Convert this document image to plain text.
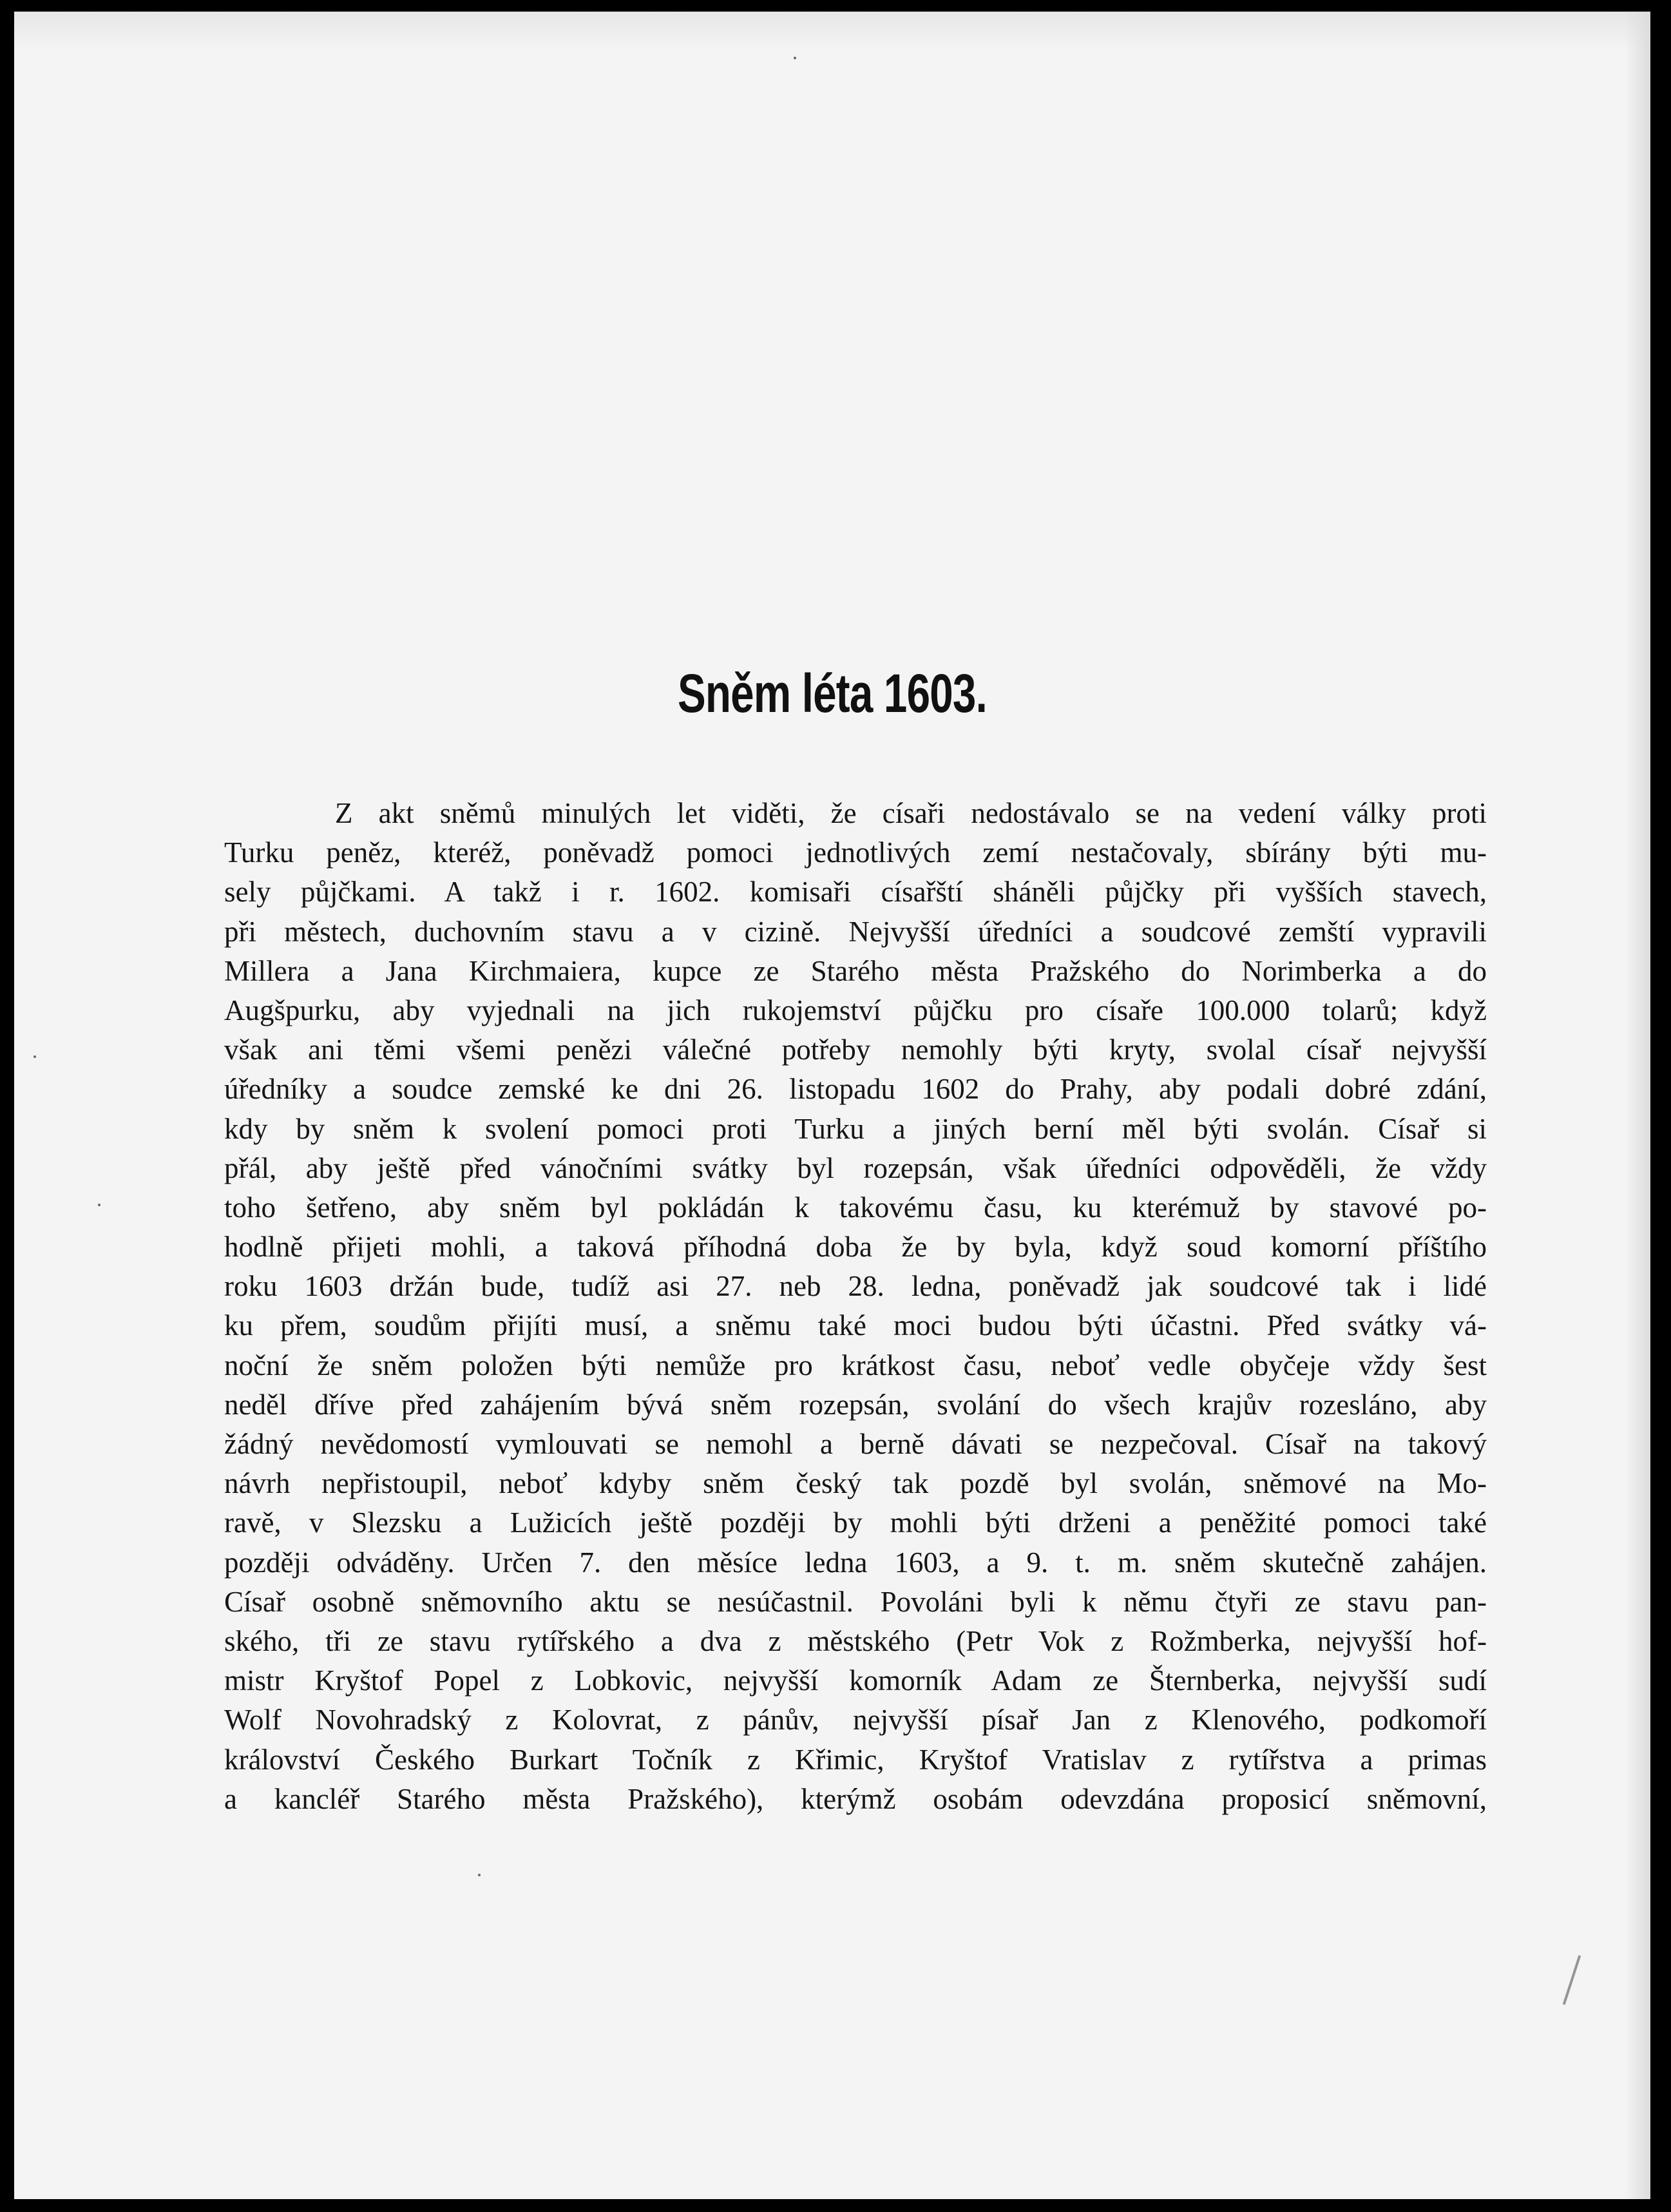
Sněm léta 1603.
Z akt sněmů minulých let viděti, že císaři nedostávalo se na vedení války proti
Turku peněz, kteréž, poněvadž pomoci jednotlivých zemí nestačovaly, sbírány býti mu-
sely půjčkami. A takž i r. 1602. komisaři císařští sháněli půjčky při vyšších stavech,
při městech, duchovním stavu a v cizině. Nejvyšší úředníci a soudcové zemští vypravili
Millera a Jana Kirchmaiera, kupce ze Starého města Pražského do Norimberka a do
Augšpurku, aby vyjednali na jich rukojemství půjčku pro císaře 100.000 tolarů; když
však ani těmi všemi penězi válečné potřeby nemohly býti kryty, svolal císař nejvyšší
úředníky a soudce zemské ke dni 26. listopadu 1602 do Prahy, aby podali dobré zdání,
kdy by sněm k svolení pomoci proti Turku a jiných berní měl býti svolán. Císař si
přál, aby ještě před vánočními svátky byl rozepsán, však úředníci odpověděli, že vždy
toho šetřeno, aby sněm byl pokládán k takovému času, ku kterémuž by stavové po-
hodlně přijeti mohli, a taková příhodná doba že by byla, když soud komorní příštího
roku 1603 držán bude, tudíž asi 27. neb 28. ledna, poněvadž jak soudcové tak i lidé
ku přem, soudům přijíti musí, a sněmu také moci budou býti účastni. Před svátky vá-
noční že sněm položen býti nemůže pro krátkost času, neboť vedle obyčeje vždy šest
neděl dříve před zahájením bývá sněm rozepsán, svolání do všech krajův rozesláno, aby
žádný nevědomostí vymlouvati se nemohl a berně dávati se nezpečoval. Císař na takový
návrh nepřistoupil, neboť kdyby sněm český tak pozdě byl svolán, sněmové na Mo-
ravě, v Slezsku a Lužicích ještě později by mohli býti drženi a peněžité pomoci také
později odváděny. Určen 7. den měsíce ledna 1603, a 9. t. m. sněm skutečně zahájen.
Císař osobně sněmovního aktu se nesúčastnil. Povoláni byli k němu čtyři ze stavu pan-
ského, tři ze stavu rytířského a dva z městského (Petr Vok z Rožmberka, nejvyšší hof-
mistr Kryštof Popel z Lobkovic, nejvyšší komorník Adam ze Šternberka, nejvyšší sudí
Wolf Novohradský z Kolovrat, z pánův, nejvyšší písař Jan z Klenového, podkomoří
království Českého Burkart Točník z Křimic, Kryštof Vratislav z rytířstva a primas
a kancléř Starého města Pražského), kterýmž osobám odevzdána proposicí sněmovní,
